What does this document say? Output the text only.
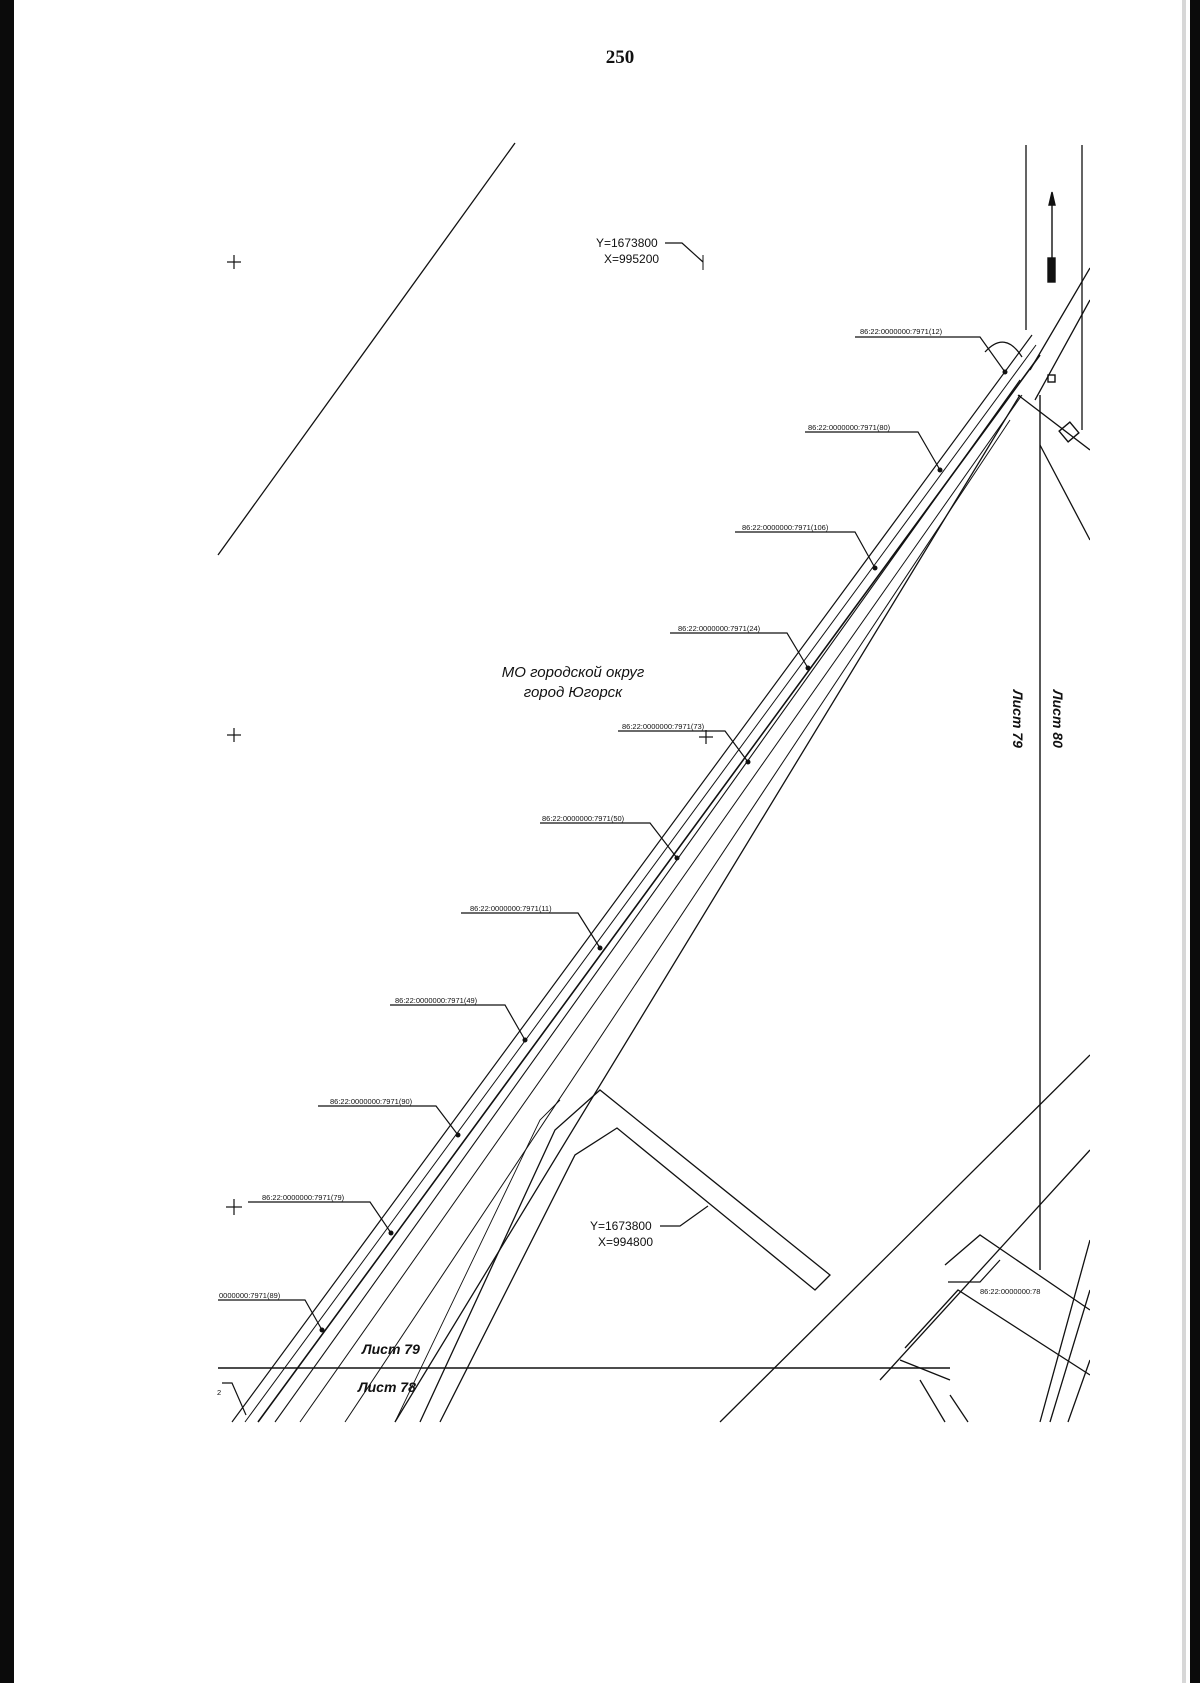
250
Y=1673800
X=995200
Y=1673800
X=994800
МО городской округ
город Югорск
Лист 79
Лист 78
Лист 79 Лист 80
86:22:0000000:7971(12)
86:22:0000000:7971(80)
86:22:0000000:7971(106)
86:22:0000000:7971(24)
86:22:0000000:7971(73)
86:22:0000000:7971(50)
86:22:0000000:7971(11)
86:22:0000000:7971(49)
86:22:0000000:7971(90)
86:22:0000000:7971(79)
0000000:7971(89)	86:22:0000000:78
2
